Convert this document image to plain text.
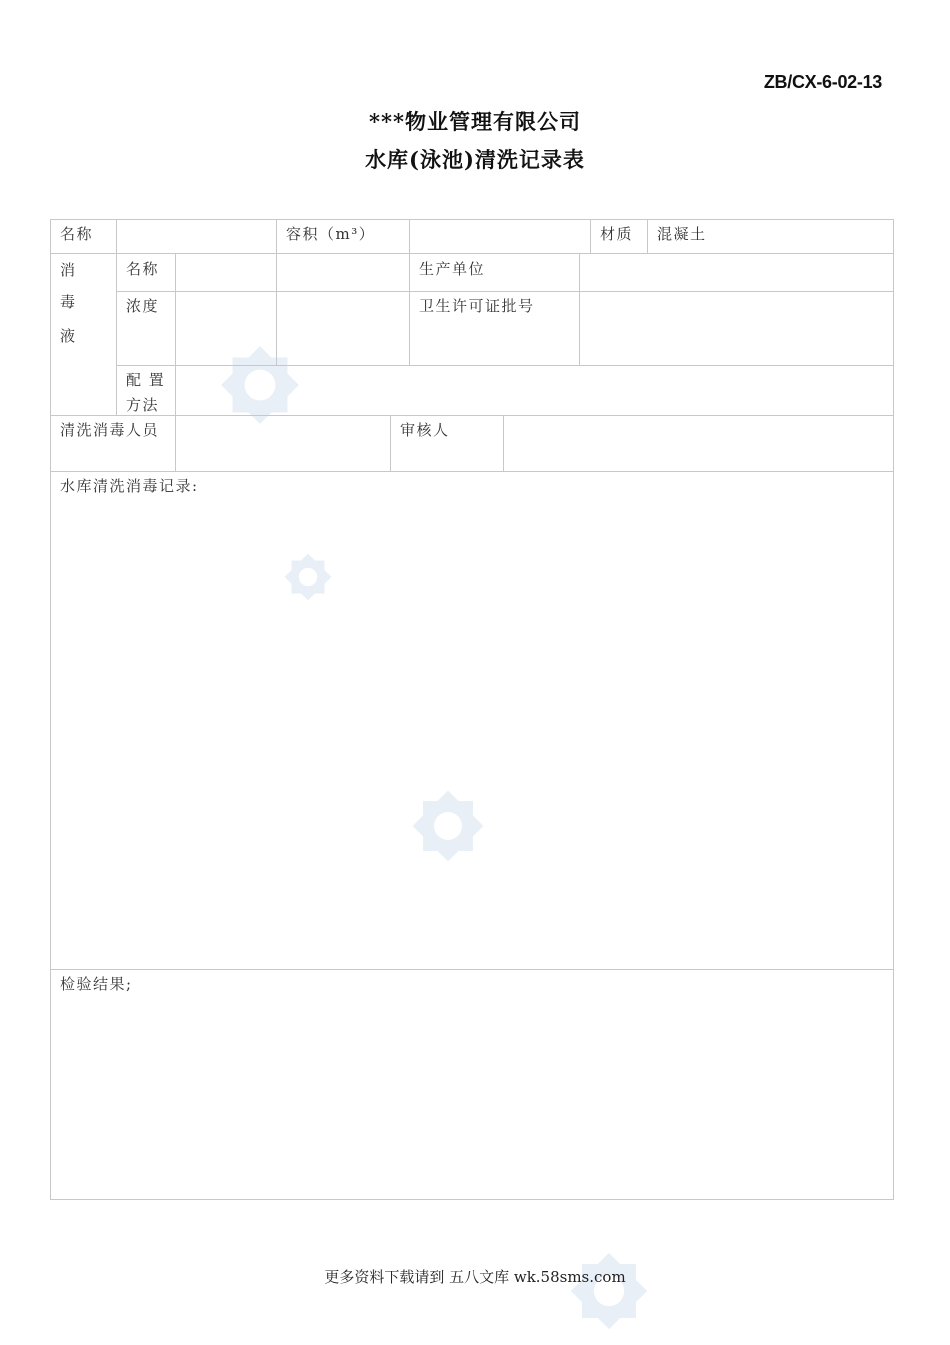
ZB/CX-6-02-13
***物业管理有限公司
水库(泳池)清洗记录表
名称	容积（m³）	材质 混凝土
消
毒
液
名称	生产单位
浓度	卫生许可证批号
配 置
方法
清洗消毒人员	审核人
水库清洗消毒记录:
检验结果;
更多资料下载请到 五八文库 wk.58sms.com
